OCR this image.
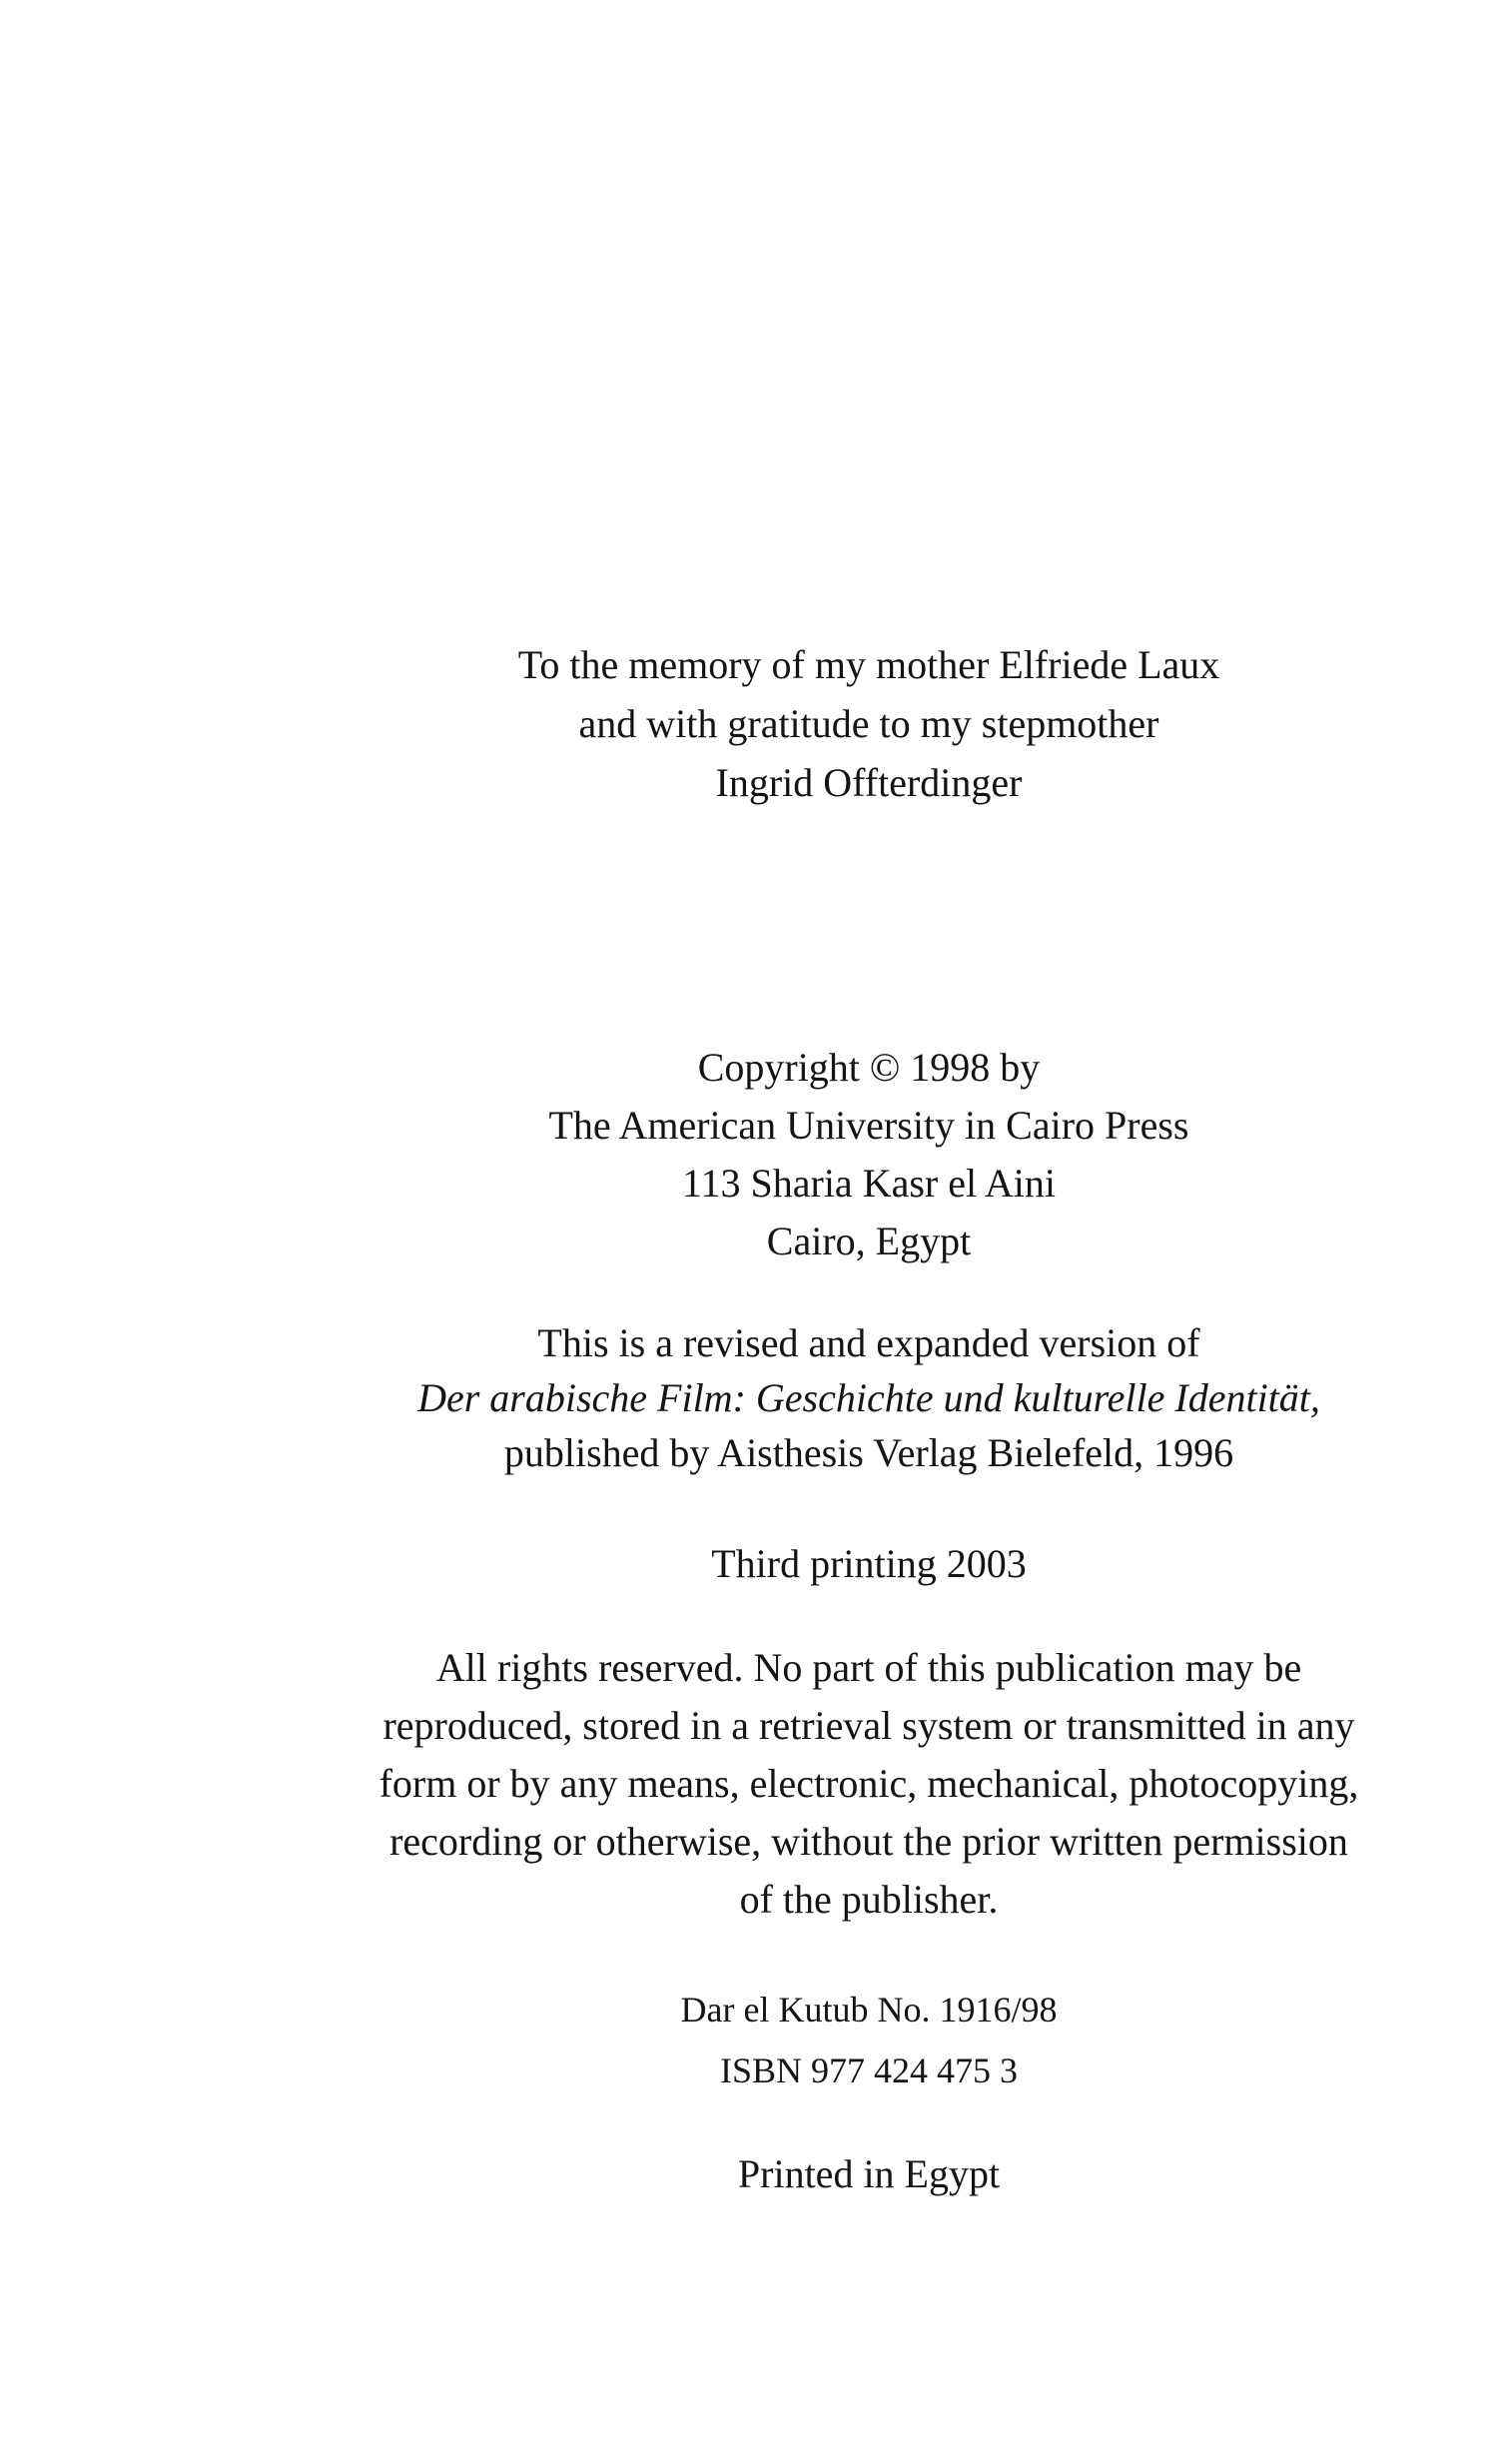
To the memory of my mother Elfriede Laux
and with gratitude to my stepmother
Ingrid Offterdinger
Copyright © 1998 by
The American University in Cairo Press
113 Sharia Kasr el Aini
Cairo, Egypt
This is a revised and expanded version of
Der arabische Film: Geschichte und kulturelle Identität,
published by Aisthesis Verlag Bielefeld, 1996
Third printing 2003
All rights reserved. No part of this publication may be
reproduced, stored in a retrieval system or transmitted in any
form or by any means, electronic, mechanical, photocopying,
recording or otherwise, without the prior written permission
of the publisher.
Dar el Kutub No. 1916/98
ISBN 977 424 475 3
Printed in Egypt
